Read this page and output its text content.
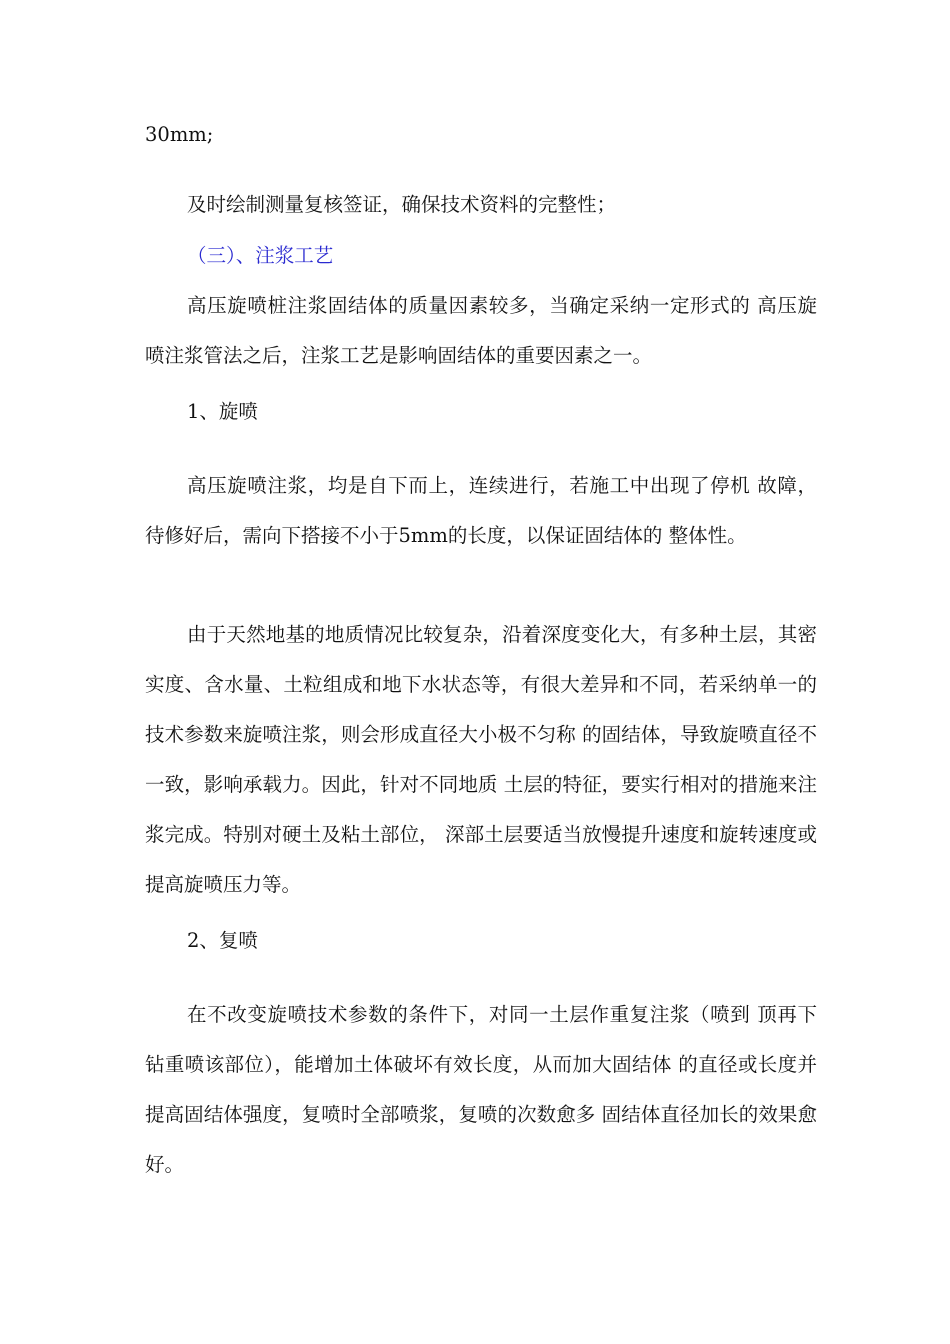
30mm;

及时绘制测量复核签证，确保技术资料的完整性；

（三）、注浆工艺

高压旋喷桩注浆固结体的质量因素较多，当确定采纳一定形式的 高压旋喷注浆管法之后，注浆工艺是影响固结体的重要因素之一。

1、旋喷

高压旋喷注浆，均是自下而上，连续进行，若施工中出现了停机 故障，待修好后，需向下搭接不小于5mm的长度，以保证固结体的 整体性。

由于天然地基的地质情况比较复杂，沿着深度变化大，有多种土层，其密实度、含水量、土粒组成和地下水状态等，有很大差异和不同，若采纳单一的技术参数来旋喷注浆，则会形成直径大小极不匀称 的固结体，导致旋喷直径不一致，影响承载力。因此，针对不同地质 土层的特征，要实行相对的措施来注浆完成。特别对硬土及粘土部位， 深部土层要适当放慢提升速度和旋转速度或提高旋喷压力等。

2、复喷

在不改变旋喷技术参数的条件下，对同一土层作重复注浆（喷到 顶再下钻重喷该部位），能增加土体破坏有效长度，从而加大固结体 的直径或长度并提高固结体强度，复喷时全部喷浆，复喷的次数愈多 固结体直径加长的效果愈好。
